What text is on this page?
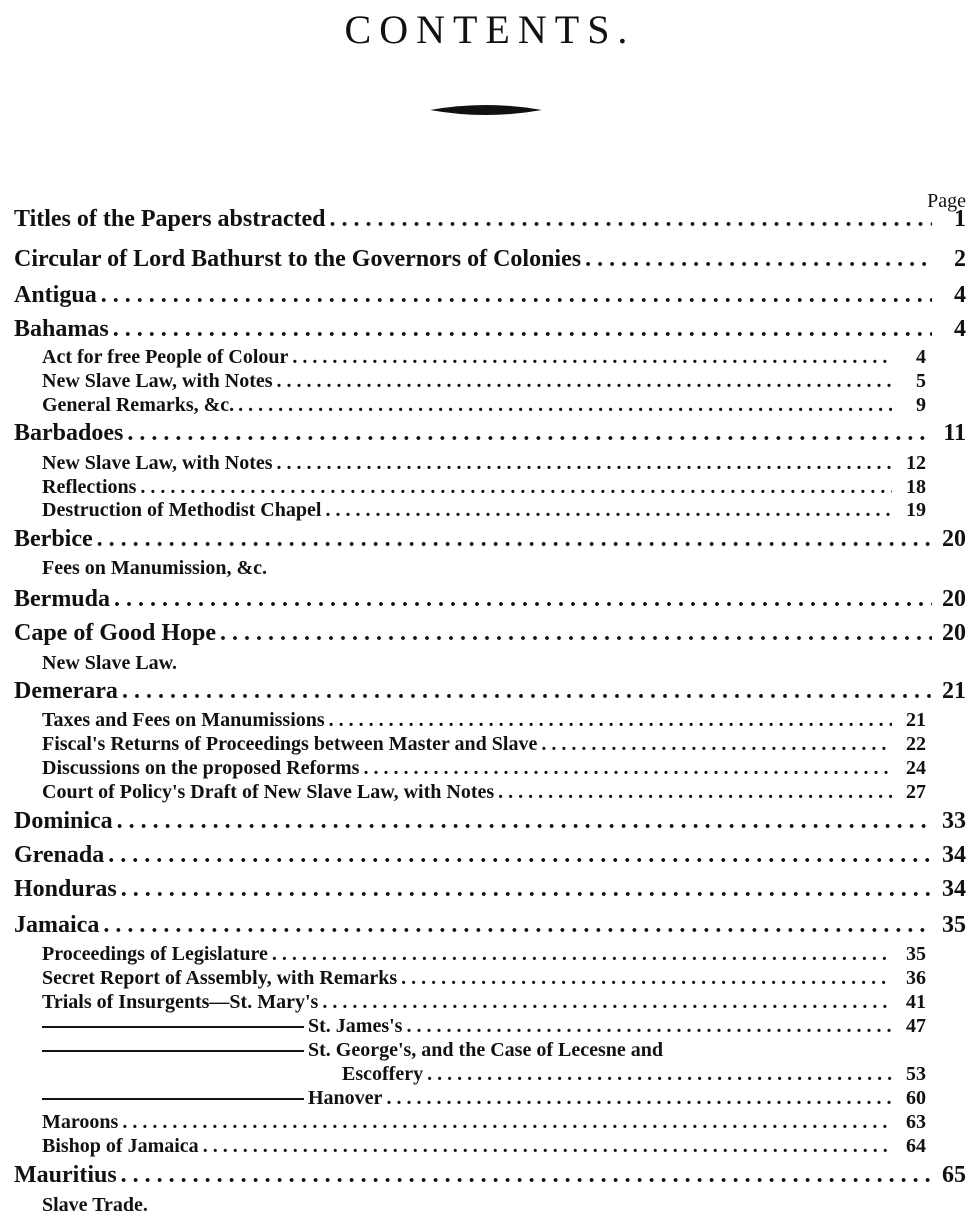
CONTENTS.
Page
Titles of the Papers abstracted . . .	1
Circular of Lord Bathurst to the Governors of Colonies . . .	2
Antigua . . .	4
Bahamas . . .	4
Act for free People of Colour . . .	4
New Slave Law, with Notes . . .	5
General Remarks, &c. . . .	9
Barbadoes . . .	11
New Slave Law, with Notes . . .	12
Reflections . . .	18
Destruction of Methodist Chapel . . .	19
Berbice . . .	20
Fees on Manumission, &c.
Bermuda . . .	20
Cape of Good Hope . . .	20
New Slave Law.
Demerara . . .	21
Taxes and Fees on Manumissions . . .	21
Fiscal's Returns of Proceedings between Master and Slave . . .	22
Discussions on the proposed Reforms . . .	24
Court of Policy's Draft of New Slave Law, with Notes . . .	27
Dominica . . .	33
Grenada . . .	34
Honduras . . .	34
Jamaica . . .	35
Proceedings of Legislature . . .	35
Secret Report of Assembly, with Remarks . . .	36
Trials of Insurgents—St. Mary's . . .	41
St. James's . . .	47
St. George's, and the Case of Lecesne and
Escoffery . . .	53
Hanover . . .	60
Maroons . . .	63
Bishop of Jamaica . . .	64
Mauritius . . .	65
Slave Trade.
